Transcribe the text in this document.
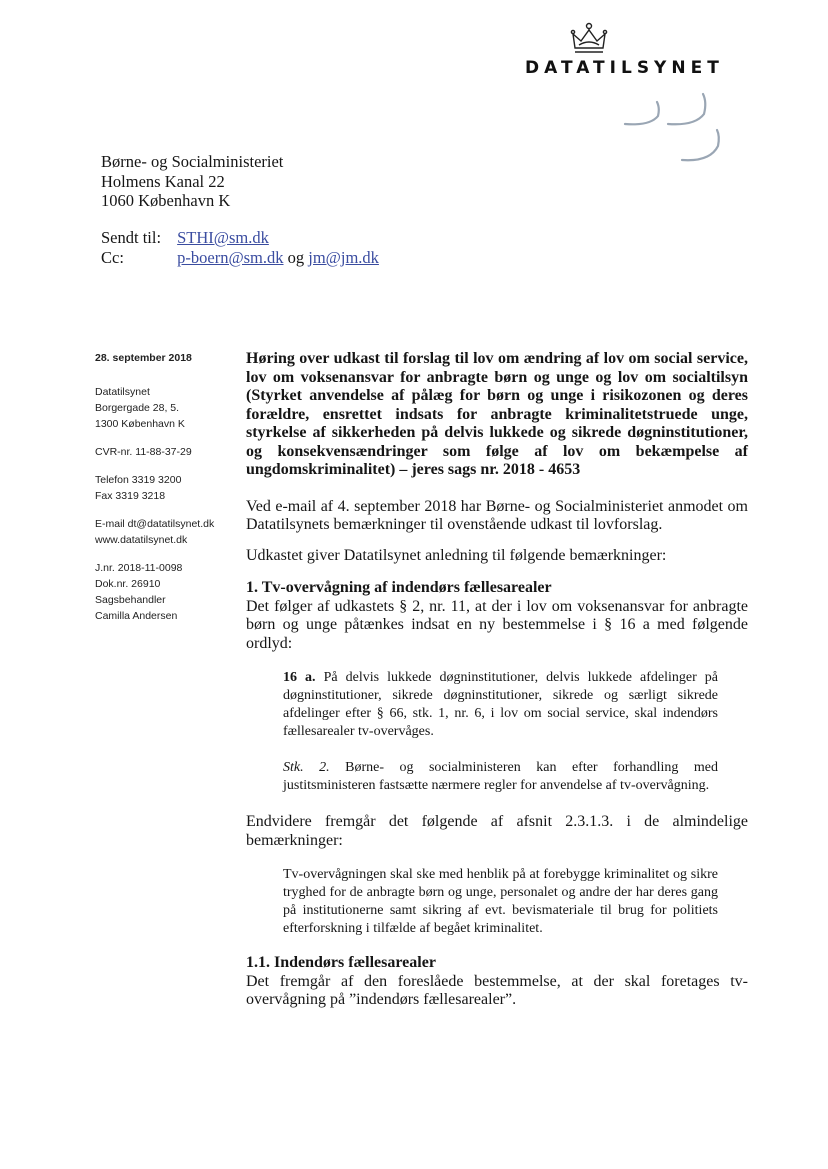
DATATILSYNET
Børne- og Socialministeriet
Holmens Kanal 22
1060 København K
Sendt til: STHI@sm.dk
Cc:	p-boern@sm.dk og jm@jm.dk
28. september 2018
Datatilsynet
Borgergade 28, 5.
1300 København K
CVR-nr. 11-88-37-29
Telefon 3319 3200
Fax 3319 3218
E-mail dt@datatilsynet.dk
www.datatilsynet.dk
J.nr. 2018-11-0098
Dok.nr. 26910
Sagsbehandler
Camilla Andersen
Høring over udkast til forslag til lov om ændring af lov om social service, lov om voksenansvar for anbragte børn og unge og lov om socialtilsyn (Styrket anvendelse af pålæg for børn og unge i risikozonen og deres forældre, ensrettet indsats for anbragte kriminalitetstruede unge, styrkelse af sikkerheden på delvis lukkede og sikrede døgninstitutioner, og konsekvensændringer som følge af lov om bekæmpelse af ungdomskriminalitet) – jeres sags nr. 2018 - 4653
Ved e-mail af 4. september 2018 har Børne- og Socialministeriet anmodet om Datatilsynets bemærkninger til ovenstående udkast til lovforslag.
Udkastet giver Datatilsynet anledning til følgende bemærkninger:
1. Tv-overvågning af indendørs fællesarealer
Det følger af udkastets § 2, nr. 11, at der i lov om voksenansvar for anbragte børn og unge påtænkes indsat en ny bestemmelse i § 16 a med følgende ordlyd:
16 a. På delvis lukkede døgninstitutioner, delvis lukkede afdelinger på døgninstitutioner, sikrede døgninstitutioner, sikrede og særligt sikrede afdelinger efter § 66, stk. 1, nr. 6, i lov om social service, skal indendørs fællesarealer tv-overvåges.
Stk. 2. Børne- og socialministeren kan efter forhandling med justitsministeren fastsætte nærmere regler for anvendelse af tv-overvågning.
Endvidere fremgår det følgende af afsnit 2.3.1.3. i de almindelige bemærkninger:
Tv-overvågningen skal ske med henblik på at forebygge kriminalitet og sikre tryghed for de anbragte børn og unge, personalet og andre der har deres gang på institutionerne samt sikring af evt. bevismateriale til brug for politiets efterforskning i tilfælde af begået kriminalitet.
1.1. Indendørs fællesarealer
Det fremgår af den foreslåede bestemmelse, at der skal foretages tv-overvågning på ”indendørs fællesarealer”.
